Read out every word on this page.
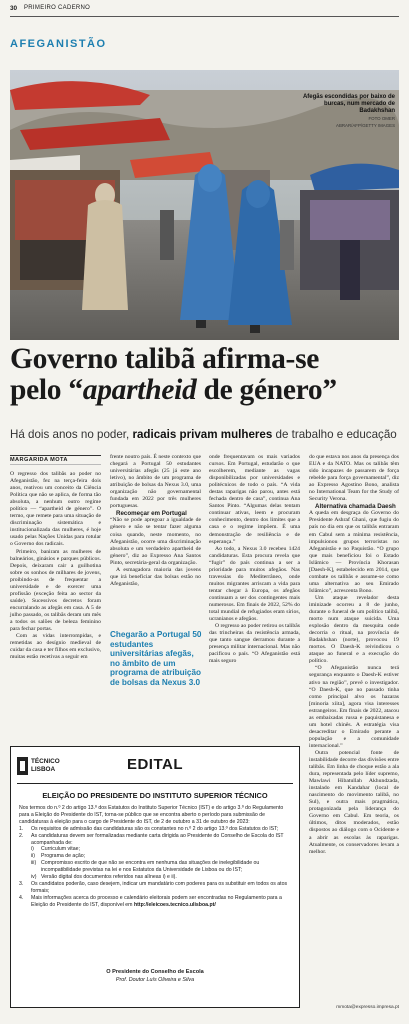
30 PRIMEIRO CADERNO
AFEGANISTÃO
Afegãs escondidas por baixo de burcas, num mercado de Badakhshan
FOTO OMER
ABRAR/AFP/GETTY IMAGES
Governo talibã afirma-se
pelo “apartheid de género”
Há dois anos no poder, radicais privam mulheres de trabalho e educação
MARGARIDA MOTA

O regresso dos talibãs ao poder no Afeganistão, fez na terça-feira dois anos, reativou um conceito da Ciência Política que não se aplica, de forma tão absoluta, a nenhum outro regime político — “apartheid de género”. O termo, que remete para uma situação de discriminação sistemática e institucionalizada das mulheres, é hoje usado pelas Nações Unidas para rotular o Governo dos radicais.

Primeiro, baniram as mulheres de balneários, ginásios e parques públicos. Depois, deixaram cair a guilhotina sobre os sonhos de milhares de jovens, proibindo-as de frequentar a universidade e de exercer uma profissão (exceção feita ao sector da saúde). Sucessivos decretos foram encurralando as afegãs em casa. A 5 de julho passado, os talibãs deram um mês a todos os salões de beleza feminino para fechar portas.

Com as vidas interrompidas, e remetidas ao desígnio medieval de cuidar da casa e ter filhos em exclusivo, muitas estão recetivas a seguir em

frente noutro país. É neste contexto que chegará a Portugal 50 estudantes universitárias afegãs (25 já este ano letivo), no âmbito de um programa de atribuição de bolsas da Nexus 3.0, uma organização não governamental fundada em 2022 por três mulheres portuguesas.

Recomeçar em Portugal

“Não se pode apregoar a igualdade de género e não se tentar fazer alguma coisa quando, neste momento, no Afeganistão, ocorre uma discriminação absoluta e um verdadeiro apartheid de género”, diz ao Expresso Ana Santos Pinto, secretária-geral da organização.

A esmagadora maioria das jovens que irá beneficiar das bolsas estão no Afeganistão,

Chegarão a Portugal 50 estudantes universitárias afegãs, no âmbito de um programa de atribuição de bolsas da Nexus 3.0

onde frequentavam os mais variados cursos. Em Portugal, estudarão o que escolherem, mediante as vagas disponibilizadas por universidades e politécnicos de todo o país. “A vida destas raparigas não parou, antes está fechada dentro de casa”, continua Ana Santos Pinto. “Algumas delas tentam continuar ativas, leem e procuram conhecimento, dentro dos limites que a casa e o regime impõem. É uma demonstração de resiliência e de esperança.”

Ao todo, a Nexus 3.0 recebeu 1424 candidaturas. Esta procura revela que “fugir” do país continua a ser a prioridade para muitos afegãos. Nas travessias do Mediterrâneo, onde muitos migrantes arriscam a vida para tentar chegar à Europa, os afegãos continuam a ser dos contingentes mais numerosos. Em finais de 2022, 52% do total mundial de refugiados eram sírios, ucranianos e afegãos.

O regresso ao poder retirou os talibãs das trincheiras da resistência armada, que tanto sangue derramou durante a presença militar internacional. Mas não pacificou o país. “O Afeganistão está mais seguro

do que estava nos anos da presença dos EUA e da NATO. Mas os talibãs têm sido incapazes de passarem de força rebelde para força governamental”, diz ao Expresso Agostino Bono, analista no International Team for the Study of Security Verona.

Alternativa chamada Daesh

A queda em desgraça do Governo do Presidente Ashraf Ghani, que fugiu do país no dia em que os talibãs entraram em Cabul sem a mínima resistência, impulsionou grupos terroristas no Afeganistão e no Paquistão. “O grupo que mais beneficiou foi o Estado Islâmico — Província Khorasan [Daesh-K], estabelecido em 2014, que combate os talibãs e assume-se como uma alternativa ao seu Emirado Islâmico”, acrescenta Bono.

Um ataque revelador desta iminizade ocorreu a 8 de junho, durante o funeral de um político talibã, morto num ataque suicida. Uma explosão dentro da mesquita onde decorria o ritual, na província de Badakhshan (norte), provocou 19 mortos. O Daesh-K reivindicou o ataque ao funeral e a execução do político.

“O Afeganistão nunca terá segurança enquanto o Daesh-K estiver ativo na região”, prevê o investigador. “O Daesh-K, que no passado tinha como principal alvo os hazaras [minoria xiita], agora visa interesses estrangeiros. Em finais de 2022, atacou as embaixadas russa e paquistanesa e um hotel chinês. A estratégia visa desacreditar o Emirado perante a população e a comunidade internacional.”

Outra potencial fonte de instabilidade decorre das divisões entre talibãs. Em linha de choque estão a ala dura, representada pelo líder supremo, Mawlawi Hibatullah Akhundzada, instalado em Kandahar (local de nascimento do movimento talibã, no Sul), e outra mais pragmática, protagonizada pela liderança do Governo em Cabul. Em teoria, os últimos, ditos moderados, estão dispostos ao diálogo com o Ocidente e a abrir as escolas às raparigas. Atualmente, os conservadores levam a melhor.

mmota@expresso.impresa.pt
TÉCNICO
LISBOA	EDITAL
ELEIÇÃO DO PRESIDENTE DO INSTITUTO SUPERIOR TÉCNICO

Nos termos do n.º 2 do artigo 13.º dos Estatutos do Instituto Superior Técnico (IST) e do artigo 3.º do Regulamento para a Eleição do Presidente do IST, torna-se público que se encontra aberto o período para submissão de candidaturas à eleição para o cargo de Presidente do IST, de 2 de outubro a 31 de outubro de 2023:

1. Os requisitos de admissão das candidaturas são os constantes no n.º 2 do artigo 13.º dos Estatutos do IST;

2. As candidaturas devem ser formalizadas mediante carta dirigida ao Presidente do Conselho de Escola do IST acompanhada de:

i) Curriculum vitae;

ii) Programa de ação;

iii) Compromisso escrito de que não se encontra em nenhuma das situações de inelegibilidade ou incompatibilidade previstas na lei e nos Estatutos da Universidade de Lisboa ou do IST;

iv) Versão digital dos documentos referidos nas alíneas i) e ii).

3. Os candidatos poderão, caso desejem, indicar um mandatário com poderes para os substituir em todos os atos formais;

4. Mais informações acerca do processo e calendário eleitorais podem ser encontradas no Regulamento para a Eleição do Presidente do IST, disponível em http://eleicoes.tecnico.ulisboa.pt/

O Presidente do Conselho de Escola
Prof. Doutor Luís Oliveira e Silva
